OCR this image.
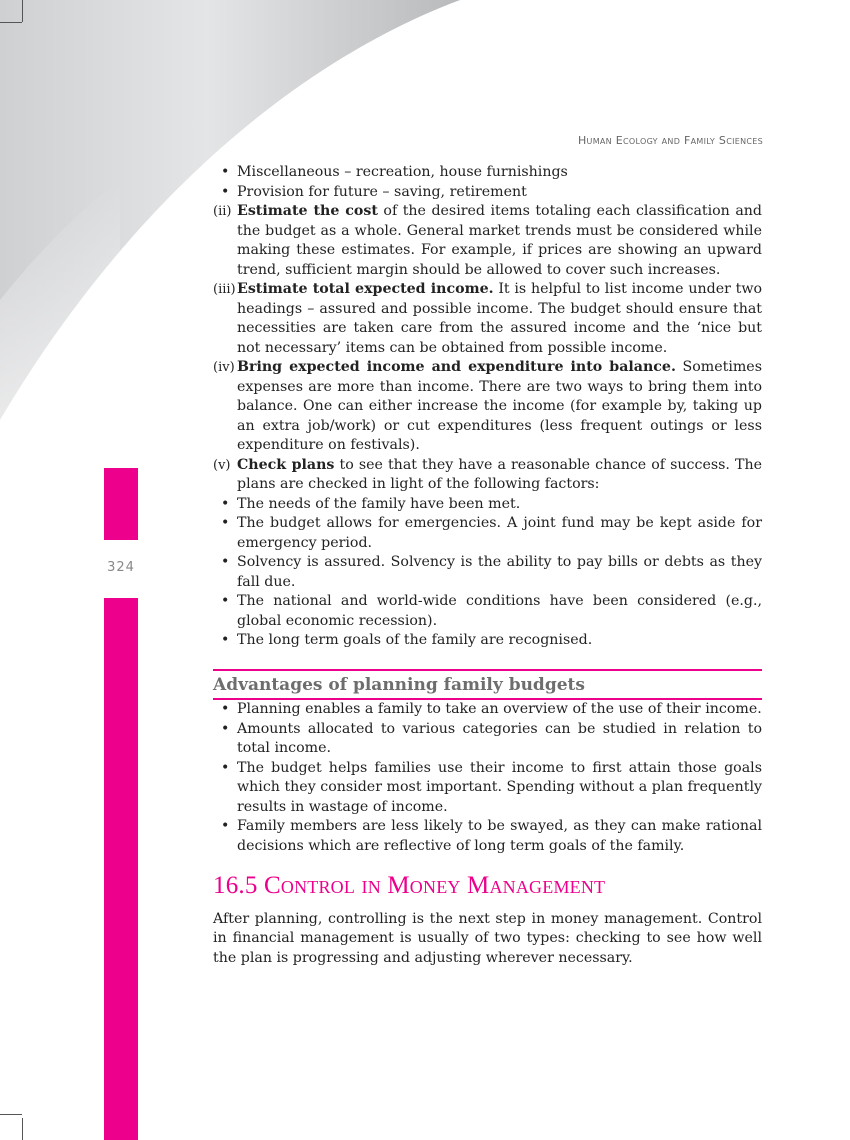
324
Human Ecology and Family Sciences
• Miscellaneous – recreation, house furnishings
• Provision for future – saving, retirement
(ii) Estimate the cost of the desired items totaling each classification and the budget as a whole. General market trends must be considered while making these estimates. For example, if prices are showing an upward trend, sufficient margin should be allowed to cover such increases.
(iii) Estimate total expected income. It is helpful to list income under two headings – assured and possible income. The budget should ensure that necessities are taken care from the assured income and the ‘nice but not necessary’ items can be obtained from possible income.
(iv) Bring expected income and expenditure into balance. Sometimes expenses are more than income. There are two ways to bring them into balance. One can either increase the income (for example by, taking up an extra job/work) or cut expenditures (less frequent outings or less expenditure on festivals).
(v) Check plans to see that they have a reasonable chance of success. The plans are checked in light of the following factors:
• The needs of the family have been met.
• The budget allows for emergencies. A joint fund may be kept aside for emergency period.
• Solvency is assured. Solvency is the ability to pay bills or debts as they fall due.
• The national and world-wide conditions have been considered (e.g., global economic recession).
• The long term goals of the family are recognised.
Advantages of planning family budgets
• Planning enables a family to take an overview of the use of their income.
• Amounts allocated to various categories can be studied in relation to total income.
• The budget helps families use their income to first attain those goals which they consider most important. Spending without a plan frequently results in wastage of income.
• Family members are less likely to be swayed, as they can make rational decisions which are reflective of long term goals of the family.
16.5 Control in Money Management

After planning, controlling is the next step in money management. Control in financial management is usually of two types: checking to see how well the plan is progressing and adjusting wherever necessary.
